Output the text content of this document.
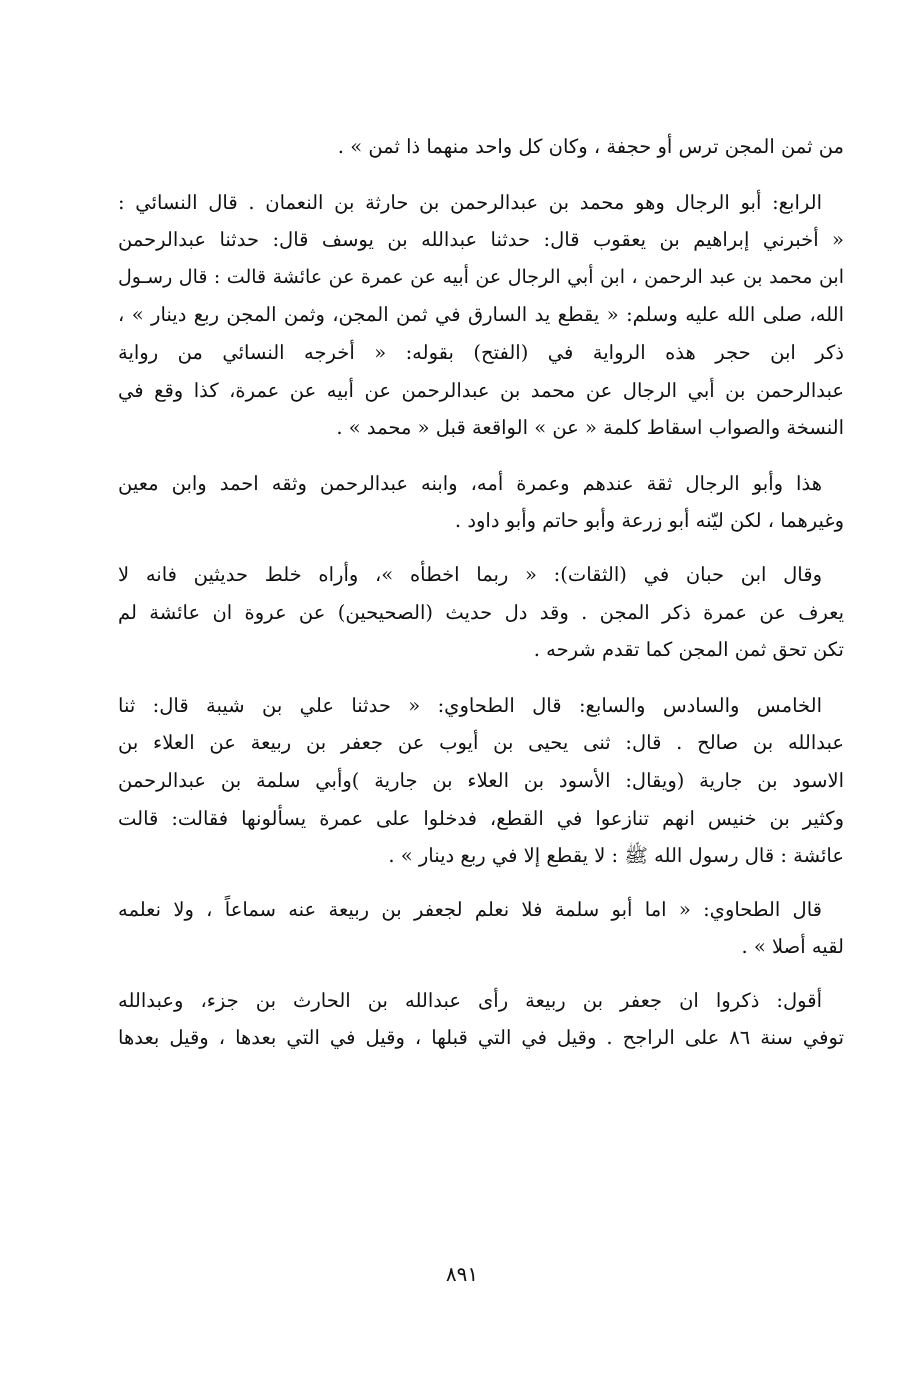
من ثمن المجن ترس أو حجفة ، وكان كل واحد منهما ذا ثمن » .
الرابع: أبو الرجال وهو محمد بن عبدالرحمن بن حارثة بن النعمان . قال النسائي :
« أخبرني إبراهيم بن يعقوب قال: حدثنا عبدالله بن يوسف قال: حدثنا عبدالرحمن
ابن محمد بن عبد الرحمن ، ابن أبي الرجال عن أبيه عن عمرة عن عائشة قالت : قال رسـول
الله، صلى الله عليه وسلم: « يقطع يد السارق في ثمن المجن، وثمن المجن ربع دينار » ،
ذكر ابن حجر هذه الرواية في (الفتح) بقوله: « أخرجه النسائي من رواية
عبدالرحمن بن أبي الرجال عن محمد بن عبدالرحمن عن أبيه عن عمرة، كذا وقع في
النسخة والصواب اسقاط كلمة « عن » الواقعة قبل « محمد » .
هذا وأبو الرجال ثقة عندهم وعمرة أمه، وابنه عبدالرحمن وثقه احمد وابن معين
وغيرهما ، لكن ليّنه أبو زرعة وأبو حاتم وأبو داود .
وقال ابن حبان في (الثقات): « ربما اخطأه »، وأراه خلط حديثين فانه لا
يعرف عن عمرة ذكر المجن . وقد دل حديث (الصحيحين) عن عروة ان عائشة لم
تكن تحق ثمن المجن كما تقدم شرحه .
الخامس والسادس والسابع: قال الطحاوي: « حدثنا علي بن شيبة قال: ثنا
عبدالله بن صالح . قال: ثنى يحيى بن أيوب عن جعفر بن ربيعة عن العلاء بن
الاسود بن جارية (ويقال: الأسود بن العلاء بن جارية )وأبي سلمة بن عبدالرحمن
وكثير بن خنيس انهم تنازعوا في القطع، فدخلوا على عمرة يسألونها فقالت: قالت
عائشة : قال رسول الله ﷺ : لا يقطع إلا في ربع دينار » .
قال الطحاوي: « اما أبو سلمة فلا نعلم لجعفر بن ربيعة عنه سماعاً ، ولا نعلمه
لقيه أصلا » .
أقول: ذكروا ان جعفر بن ربيعة رأى عبدالله بن الحارث بن جزء، وعبدالله
توفي سنة ٨٦ على الراجح . وقيل في التي قبلها ، وقيل في التي بعدها ، وقيل بعدها
٨٩١
